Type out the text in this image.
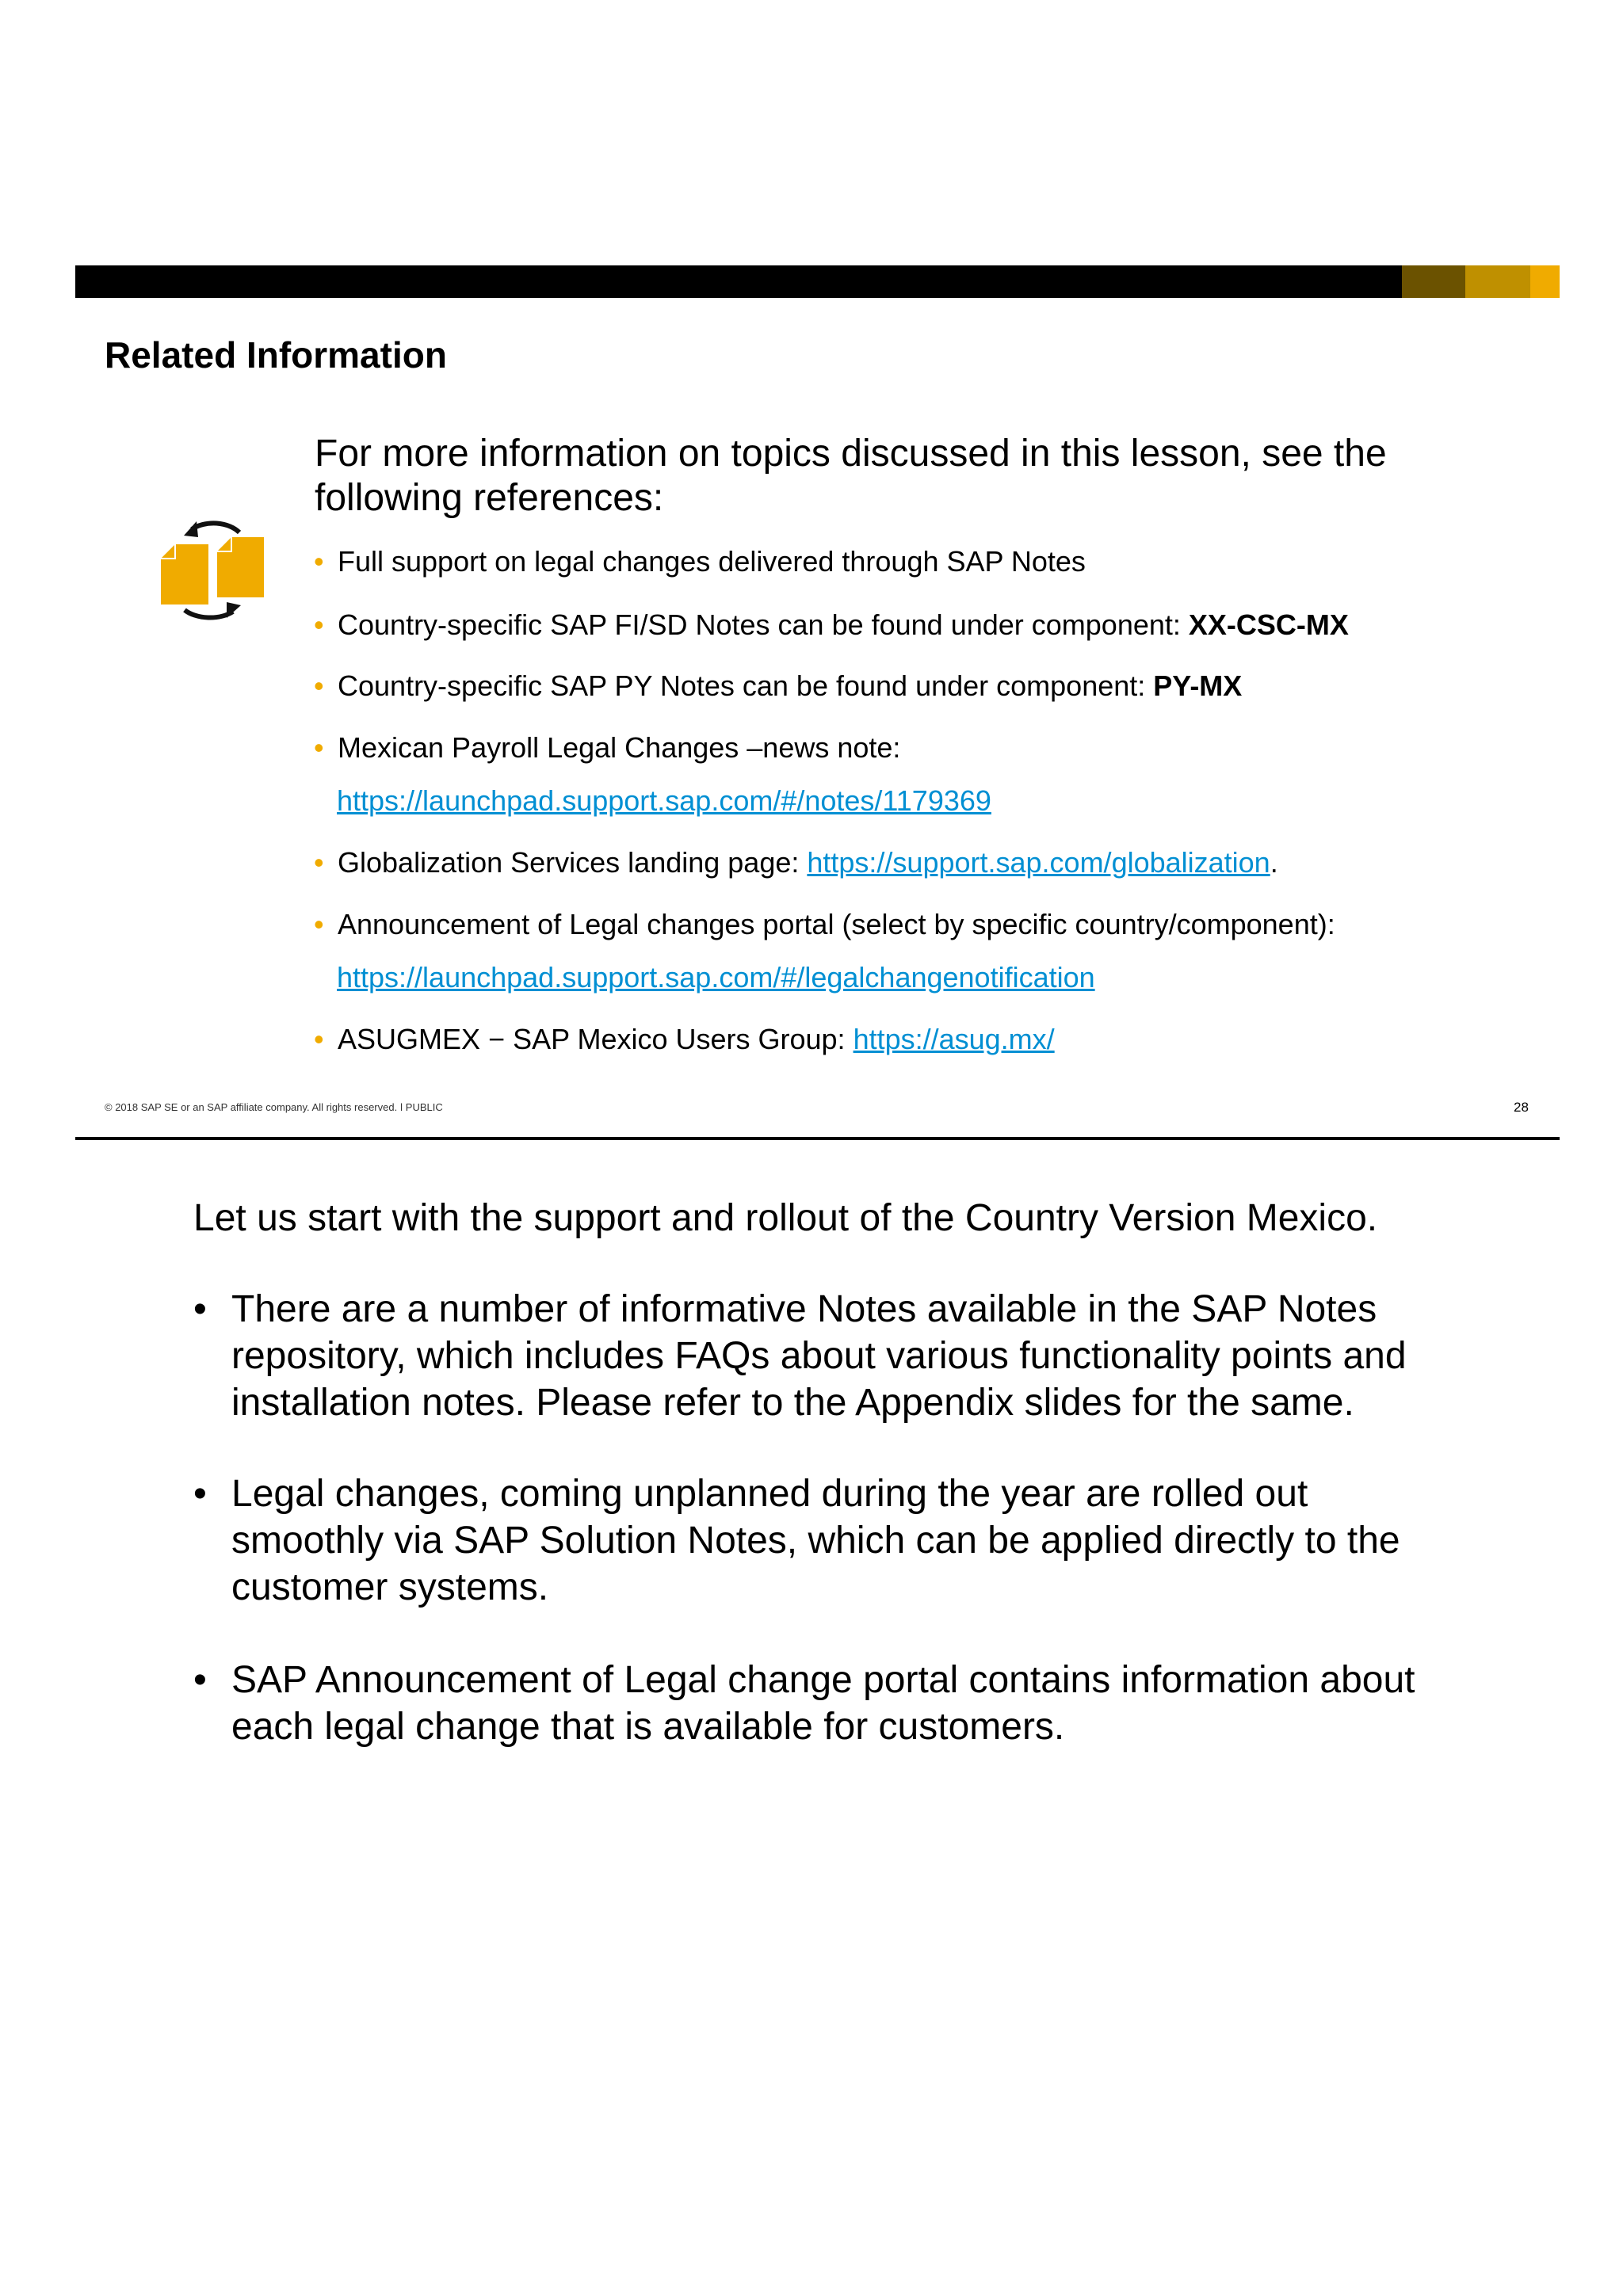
Related Information
For more information on topics discussed in this lesson, see the following references:
• Full support on legal changes delivered through SAP Notes
• Country-specific SAP FI/SD Notes can be found under component: XX-CSC-MX
• Country-specific SAP PY Notes can be found under component: PY-MX
• Mexican Payroll Legal Changes –news note:
https://launchpad.support.sap.com/#/notes/1179369
• Globalization Services landing page: https://support.sap.com/globalization.
• Announcement of Legal changes portal (select by specific country/component):
https://launchpad.support.sap.com/#/legalchangenotification
• ASUGMEX − SAP Mexico Users Group: https://asug.mx/
© 2018 SAP SE or an SAP affiliate company. All rights reserved. ǀ PUBLIC	28
Let us start with the support and rollout of the Country Version Mexico.
• There are a number of informative Notes available in the SAP Notes repository, which includes FAQs about various functionality points and installation notes. Please refer to the Appendix slides for the same.
• Legal changes, coming unplanned during the year are rolled out smoothly via SAP Solution Notes, which can be applied directly to the customer systems.
• SAP Announcement of Legal change portal contains information about each legal change that is available for customers.
